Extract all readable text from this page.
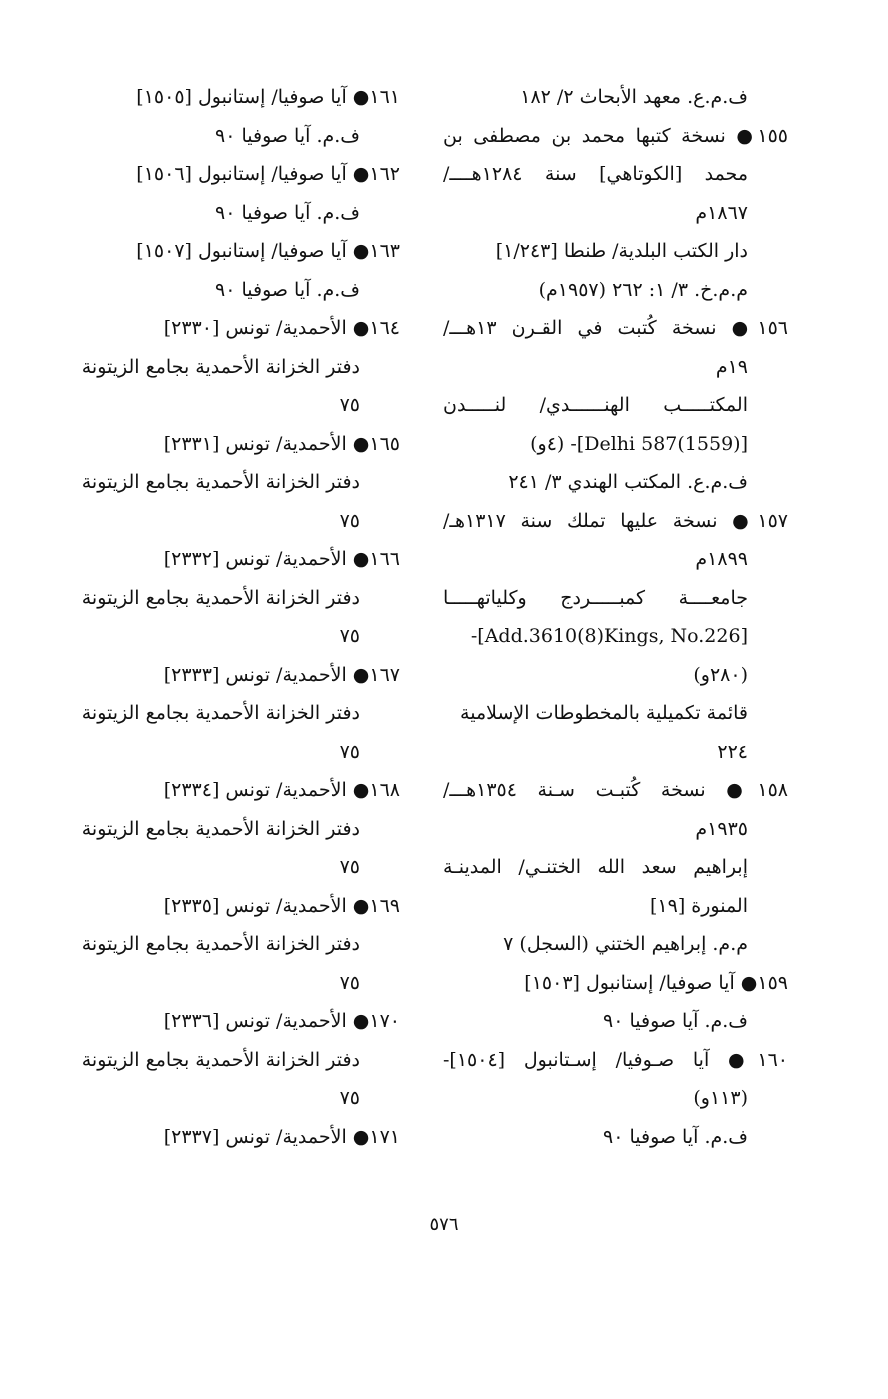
ف.م.ع. معهد الأبحاث ٢/ ١٨٢
١٥٥● نسخة كتبها محمد بن مصطفى بن
محمد [الكوتاهي] سنة ١٢٨٤هــــ/
١٨٦٧م
دار الكتب البلدية/ طنطا [١/٢٤٣]
م.م.خ. ٣/ ١: ٢٦٢ (١٩٥٧م)
١٥٦● نسخة كُتبت في القـرن ١٣هـــ/
١٩م
المكتـــــب الهنــــــدي/ لنـــــدن
[Delhi 587(1559)]- (٤و)
ف.م.ع. المكتب الهندي ٣/ ٢٤١
١٥٧● نسخة عليها تملك سنة ١٣١٧هـ/
١٨٩٩م
جامعــــة كمبـــــردج وكلياتهـــــا
[Add.3610(8)Kings, No.226]-
(٢٨٠و)
قائمة تكميلية بالمخطوطات الإسلامية
٢٢٤
١٥٨● نسخة كُتبـت سـنة ١٣٥٤هـــ/
١٩٣٥م
إبراهيم سعد الله الختنـي/ المدينـة
المنورة [١٩]
م.م. إبراهيم الختني (السجل) ٧
١٥٩● آيا صوفيا/ إستانبول [١٥٠٣]
ف.م. آيا صوفيا ٩٠
١٦٠● آيا صـوفيا/ إسـتانبول [١٥٠٤]-
(١١٣و)
ف.م. آيا صوفيا ٩٠
١٦١● آيا صوفيا/ إستانبول [١٥٠٥]
ف.م. آيا صوفيا ٩٠
١٦٢● آيا صوفيا/ إستانبول [١٥٠٦]
ف.م. آيا صوفيا ٩٠
١٦٣● آيا صوفيا/ إستانبول [١٥٠٧]
ف.م. آيا صوفيا ٩٠
١٦٤● الأحمدية/ تونس [٢٣٣٠]
دفتر الخزانة الأحمدية بجامع الزيتونة
٧٥
١٦٥● الأحمدية/ تونس [٢٣٣١]
دفتر الخزانة الأحمدية بجامع الزيتونة
٧٥
١٦٦● الأحمدية/ تونس [٢٣٣٢]
دفتر الخزانة الأحمدية بجامع الزيتونة
٧٥
١٦٧● الأحمدية/ تونس [٢٣٣٣]
دفتر الخزانة الأحمدية بجامع الزيتونة
٧٥
١٦٨● الأحمدية/ تونس [٢٣٣٤]
دفتر الخزانة الأحمدية بجامع الزيتونة
٧٥
١٦٩● الأحمدية/ تونس [٢٣٣٥]
دفتر الخزانة الأحمدية بجامع الزيتونة
٧٥
١٧٠● الأحمدية/ تونس [٢٣٣٦]
دفتر الخزانة الأحمدية بجامع الزيتونة
٧٥
١٧١● الأحمدية/ تونس [٢٣٣٧]
٥٧٦
